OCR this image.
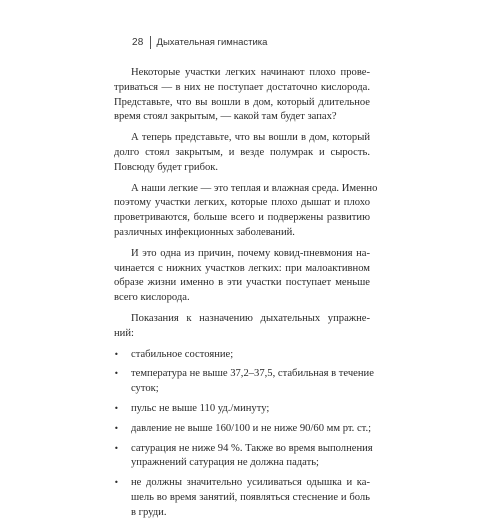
28 Дыхательная гимнастика

Некоторые участки легких начинают плохо прове-
триваться — в них не поступает достаточно кислорода.
Представьте, что вы вошли в дом, который длительное
время стоял закрытым, — какой там будет запах?

А теперь представьте, что вы вошли в дом, который
долго стоял закрытым, и везде полумрак и сырость.
Повсюду будет грибок.

А наши легкие — это теплая и влажная среда. Именно
поэтому участки легких, которые плохо дышат и плохо
проветриваются, больше всего и подвержены развитию
различных инфекционных заболеваний.

И это одна из причин, почему ковид-пневмония на-
чинается с нижних участков легких: при малоактивном
образе жизни именно в эти участки поступает меньше
всего кислорода.

Показания к назначению дыхательных упражне-
ний:

•	стабильное состояние;
•	температура не выше 37,2–37,5, стабильная в течение
суток;
•	пульс не выше 110 уд./минуту;
•	давление не выше 160/100 и не ниже 90/60 мм рт. ст.;
•	сатурация не ниже 94 %. Также во время выполнения
упражнений сатурация не должна падать;
•	не должны значительно усиливаться одышка и ка-
шель во время занятий, появляться стеснение и боль
в груди.
